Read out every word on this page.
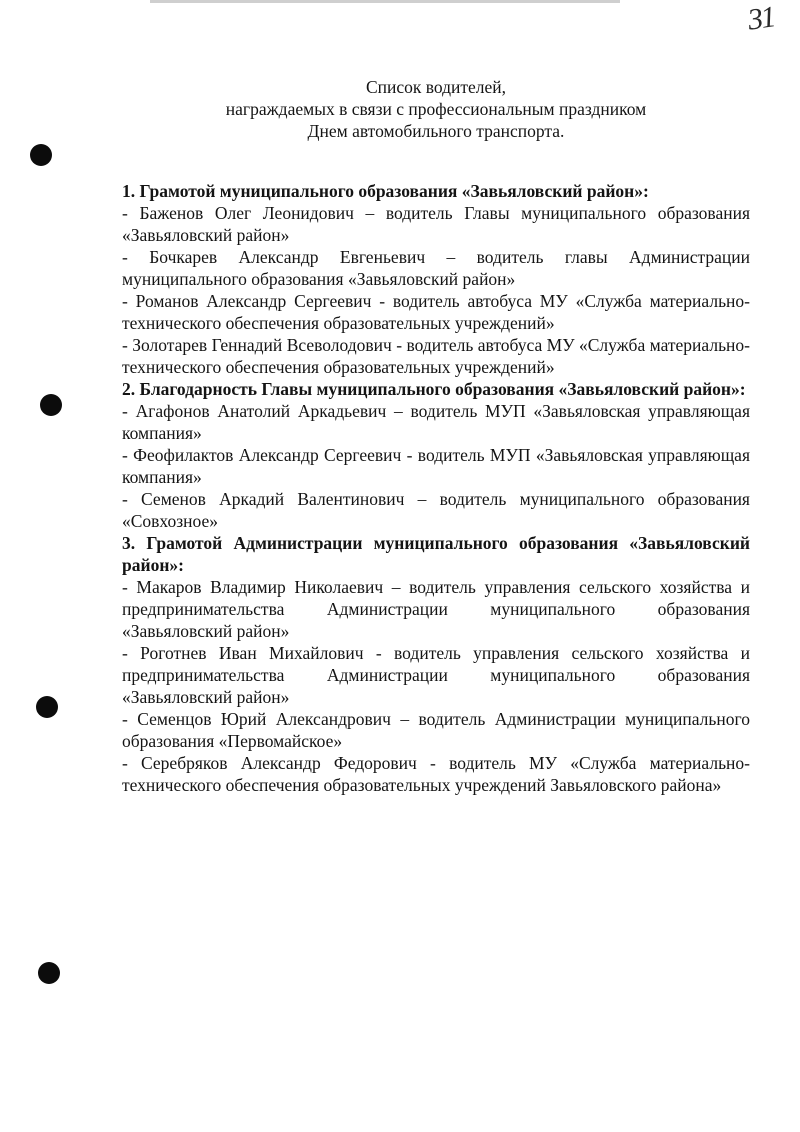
31
Список водителей,
награждаемых в связи с профессиональным праздником
Днем автомобильного транспорта.
1. Грамотой муниципального образования «Завьяловский район»:
- Баженов Олег Леонидович – водитель Главы муниципального образования «Завьяловский район»
- Бочкарев Александр Евгеньевич – водитель главы Администрации муниципального образования «Завьяловский район»
- Романов Александр Сергеевич - водитель автобуса МУ «Служба материально-технического обеспечения образовательных учреждений»
- Золотарев Геннадий Всеволодович - водитель автобуса МУ «Служба материально-технического обеспечения образовательных учреждений»
2. Благодарность Главы муниципального образования «Завьяловский район»:
- Агафонов Анатолий Аркадьевич – водитель МУП «Завьяловская управляющая компания»
- Феофилактов Александр Сергеевич - водитель МУП «Завьяловская управляющая компания»
- Семенов Аркадий Валентинович – водитель муниципального образования «Совхозное»
3. Грамотой Администрации муниципального образования «Завьяловский район»:
- Макаров Владимир Николаевич – водитель управления сельского хозяйства и предпринимательства Администрации муниципального образования «Завьяловский район»
- Роготнев Иван Михайлович - водитель управления сельского хозяйства и предпринимательства Администрации муниципального образования «Завьяловский район»
- Семенцов Юрий Александрович – водитель Администрации муниципального образования «Первомайское»
- Серебряков Александр Федорович - водитель МУ «Служба материально-технического обеспечения образовательных учреждений Завьяловского района»
